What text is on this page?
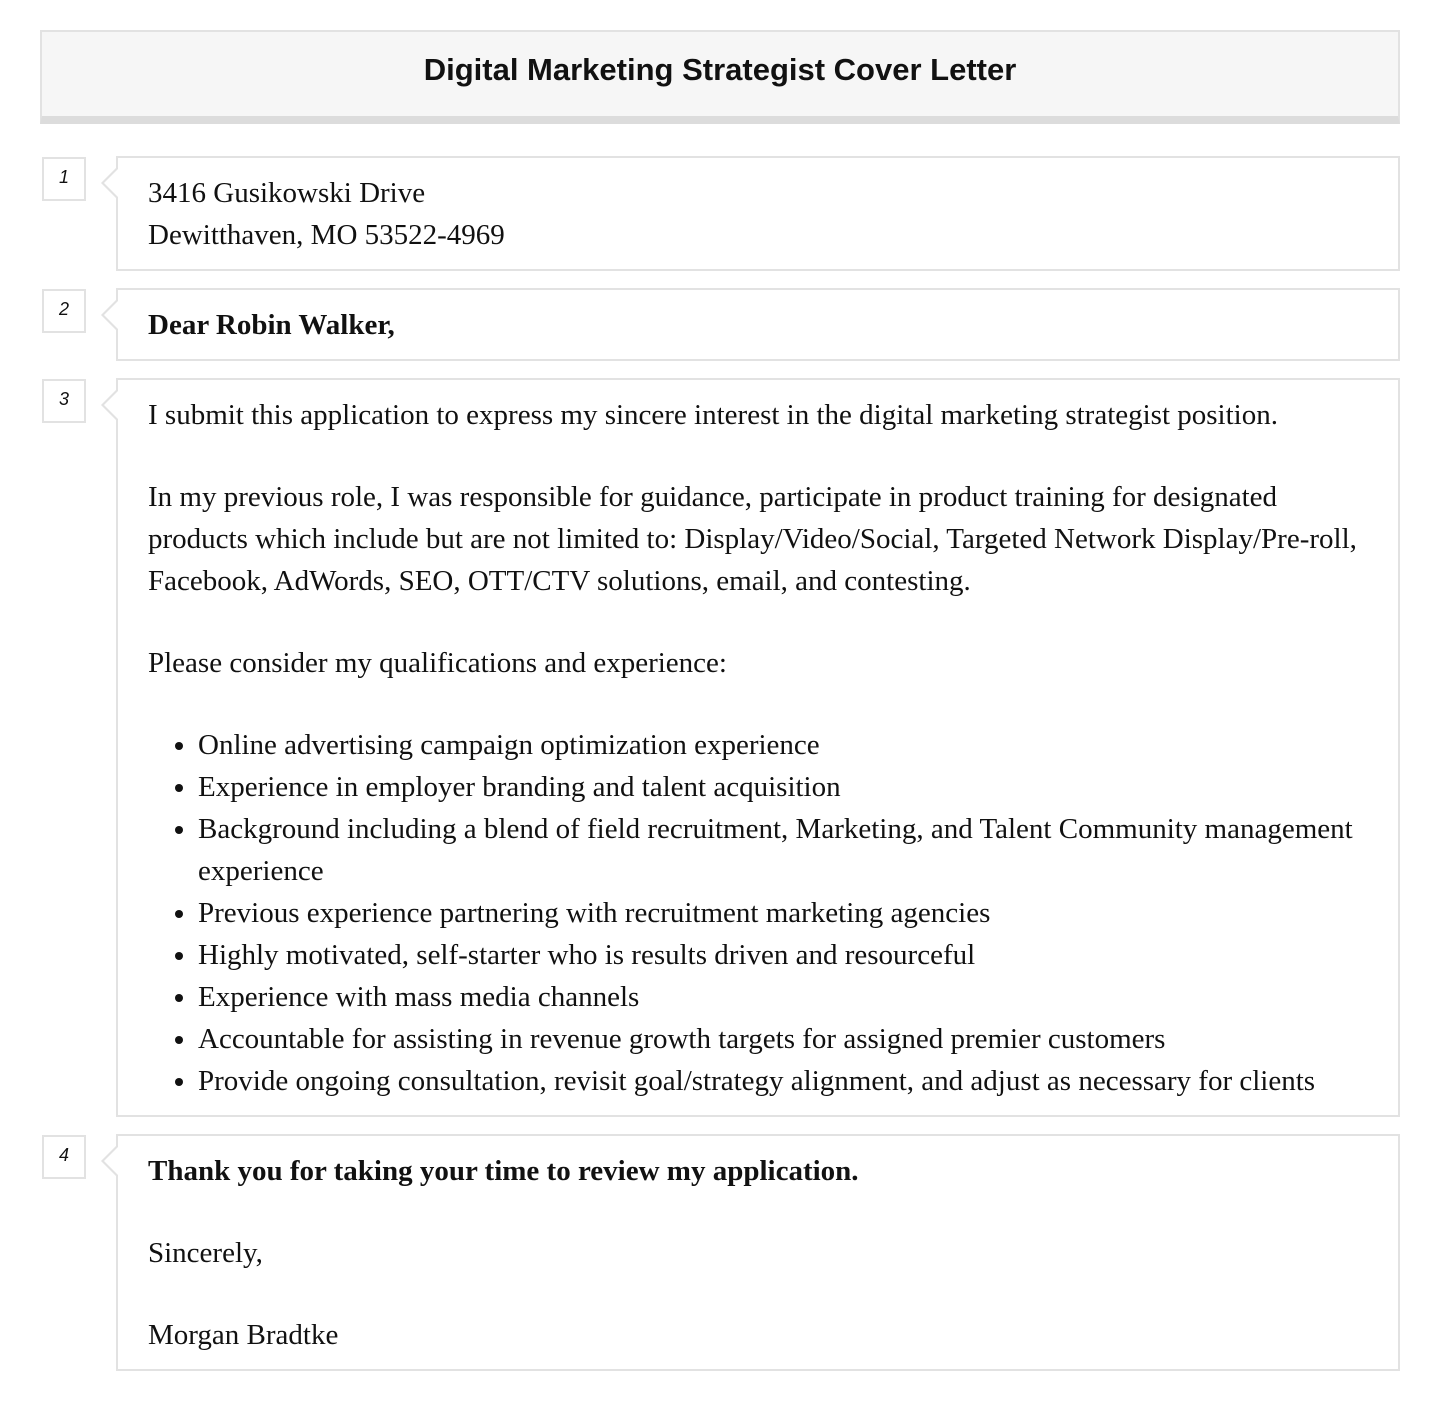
Digital Marketing Strategist Cover Letter
1

3416 Gusikowski Drive

Dewitthaven, MO 53522-4969

2

Dear Robin Walker,

3

I submit this application to express my sincere interest in the digital marketing strategist position.

In my previous role, I was responsible for guidance, participate in product training for designated products which include but are not limited to: Display/Video/Social, Targeted Network Display/Pre-roll, Facebook, AdWords, SEO, OTT/CTV solutions, email, and contesting.

Please consider my qualifications and experience:

• Online advertising campaign optimization experience
• Experience in employer branding and talent acquisition
• Background including a blend of field recruitment, Marketing, and Talent Community management experience
• Previous experience partnering with recruitment marketing agencies
• Highly motivated, self-starter who is results driven and resourceful
• Experience with mass media channels
• Accountable for assisting in revenue growth targets for assigned premier customers
• Provide ongoing consultation, revisit goal/strategy alignment, and adjust as necessary for clients
4

Thank you for taking your time to review my application.

Sincerely,

Morgan Bradtke
